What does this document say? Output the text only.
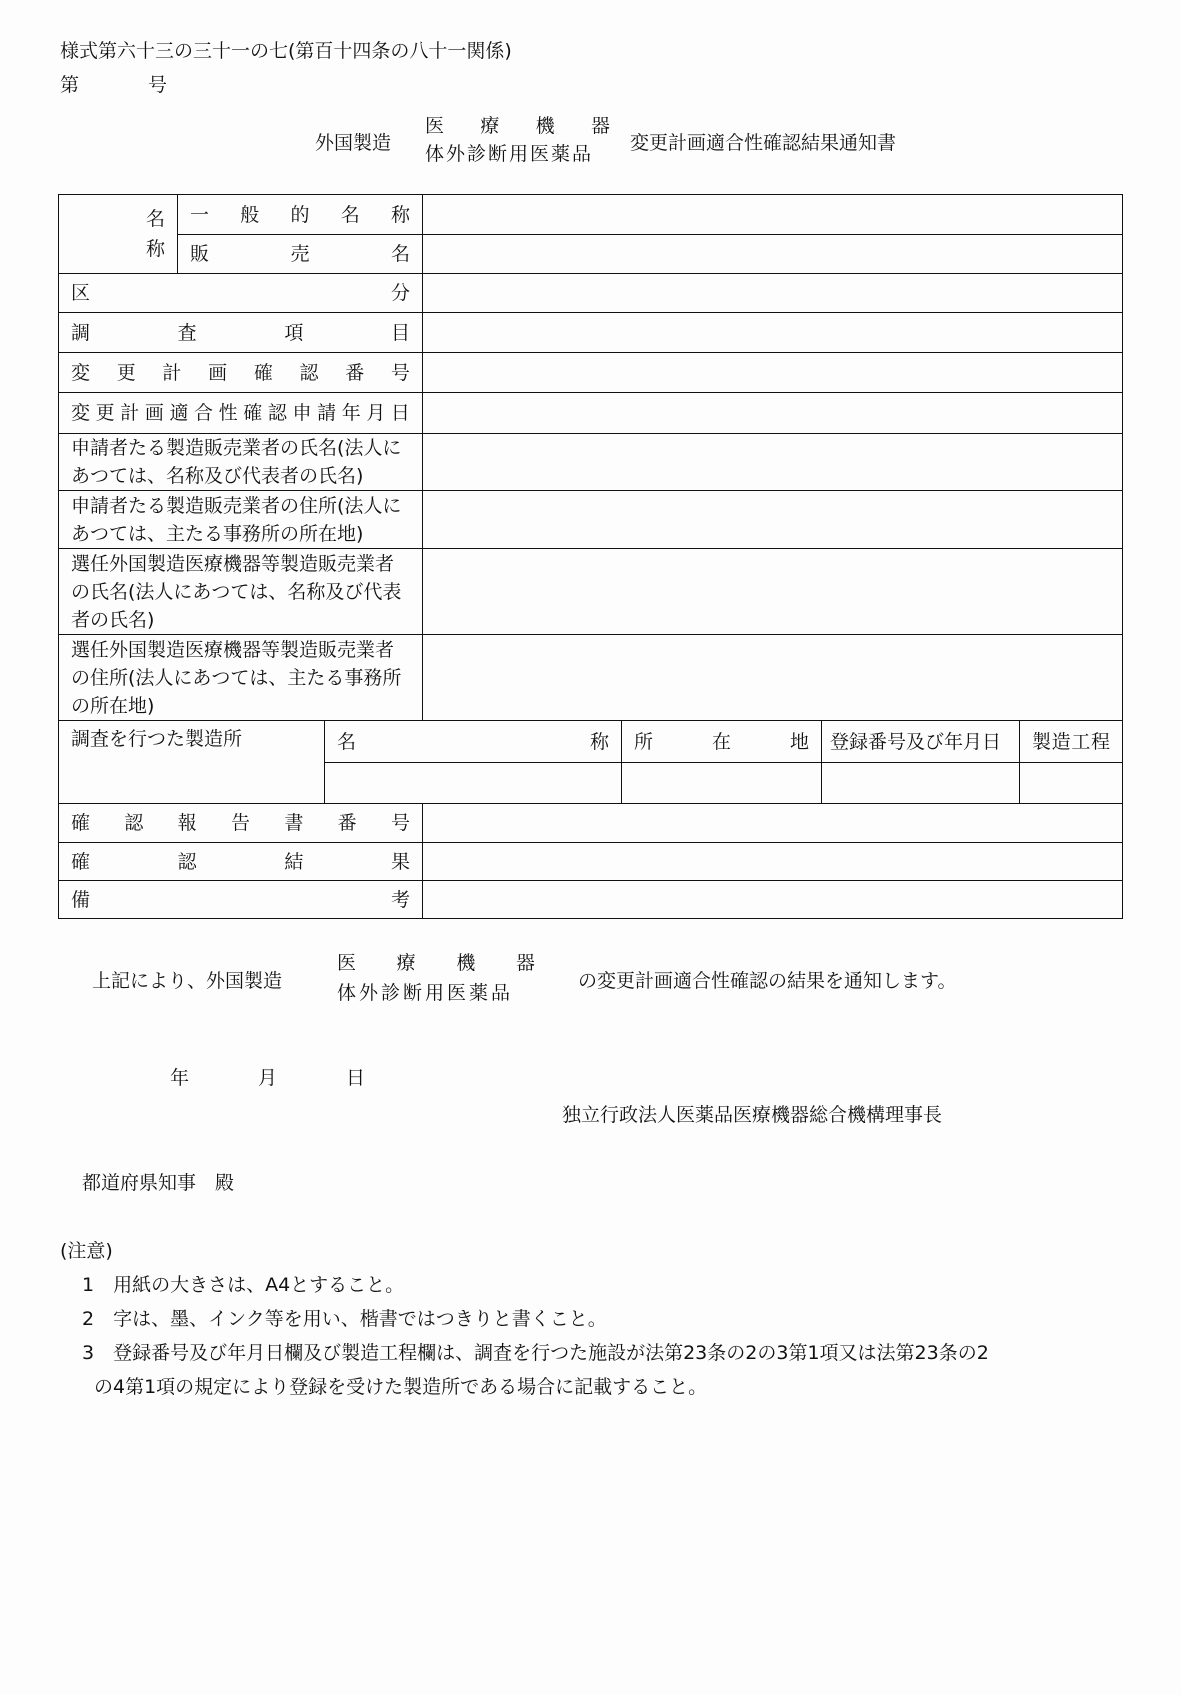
様式第六十三の三十一の七(第百十四条の八十一関係)
第	号
外国製造
医 療 機 器
体外診断用医薬品	変更計画適合性確認結果通知書
名
称

一 般 的 名 称

	販 売 名					

区 分						

調 査 項 目						

変 更 計 画 確 認 番 号

変 更 計 画 適 合 性 確 認 申 請 年 月 日

申請者たる製造販売業者の氏名(法人にあつては、名称及び代表者の氏名)						
申請者たる製造販売業者の住所(法人にあつては、主たる事務所の所在地)						
選任外国製造医療機器等製造販売業者の氏名(法人にあつては、名称及び代表者の氏名)						
選任外国製造医療機器等製造販売業者の住所(法人にあつては、主たる事務所の所在地)						
調査を行つた製造所		名 称		所 在 地	登録番号及び年月日	製 造 工 程

確 認 報 告 書 番 号

確 認 結 果						

備 考						

上記により、外国製造
医 療 機 器
体外診断用医薬品
の変更計画適合性確認の結果を通知します。
年	月	日
独立行政法人医薬品医療機器総合機構理事長
都道府県知事　殿
(注意)
1　用紙の大きさは、A4とすること。
2　字は、墨、インク等を用い、楷書ではつきりと書くこと。
3　登録番号及び年月日欄及び製造工程欄は、調査を行つた施設が法第23条の2の3第1項又は法第23条の2
の4第1項の規定により登録を受けた製造所である場合に記載すること。
